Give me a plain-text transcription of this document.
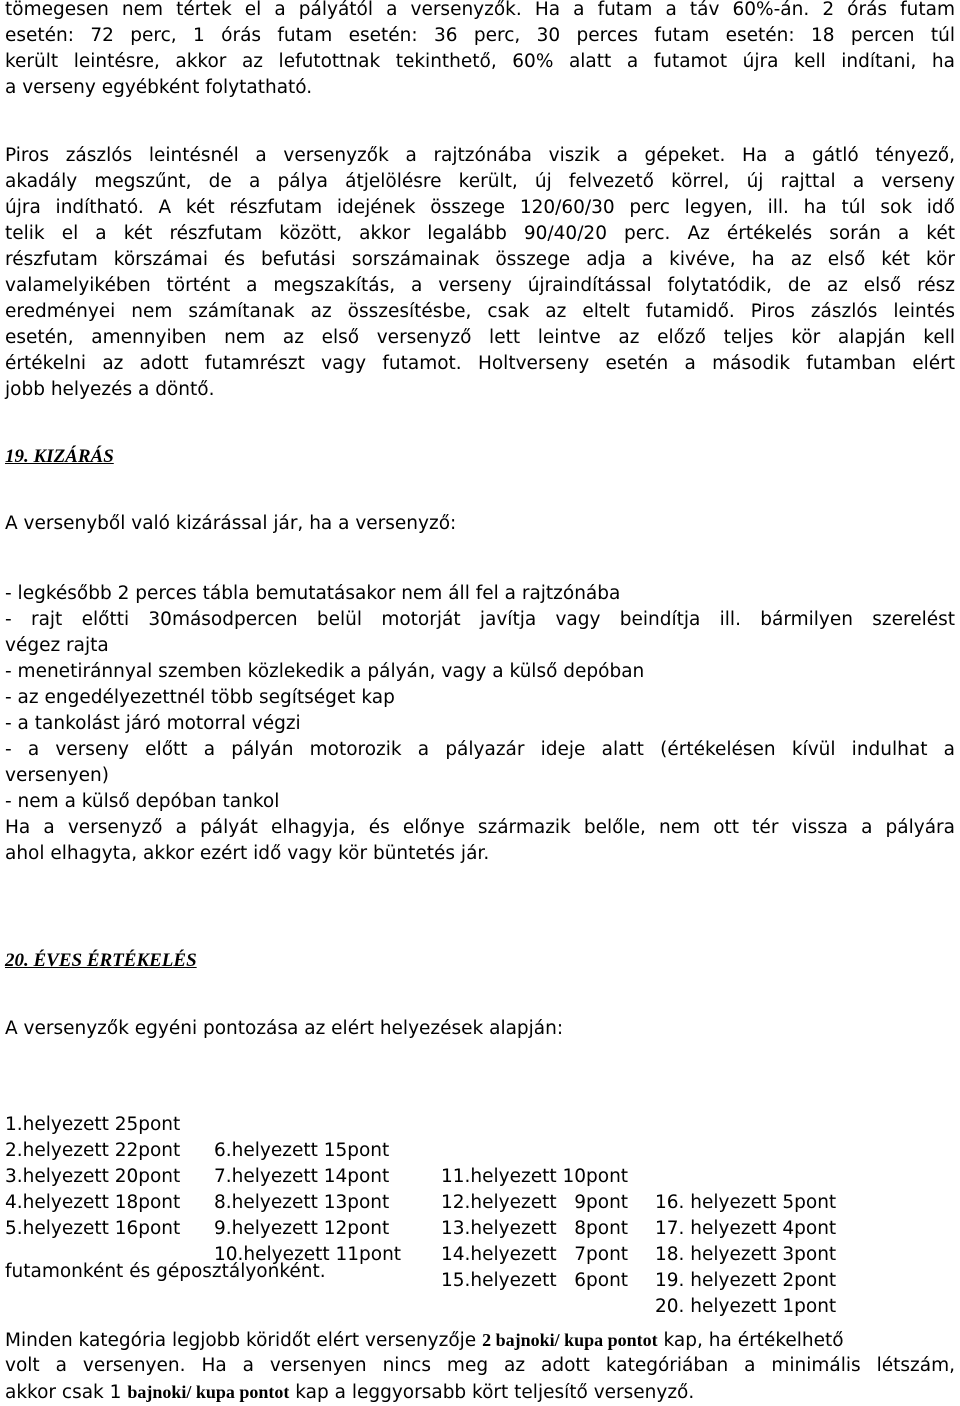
tömegesen nem tértek el a pályától a versenyzők. Ha a futam a táv 60%-án. 2 órás futam
esetén: 72 perc, 1 órás futam esetén: 36 perc, 30 perces futam esetén: 18 percen túl
került leintésre, akkor az lefutottnak tekinthető, 60% alatt a futamot újra kell indítani, ha
a verseny egyébként folytatható.
Piros zászlós leintésnél a versenyzők a rajtzónába viszik a gépeket. Ha a gátló tényező,
akadály megszűnt, de a pálya átjelölésre került, új felvezető körrel, új rajttal a verseny
újra indítható. A két részfutam idejének összege 120/60/30 perc legyen, ill. ha túl sok idő
telik el a két részfutam között, akkor legalább 90/40/20 perc. Az értékelés során a két
részfutam körszámai és befutási sorszámainak összege adja a kivéve, ha az első két kör
valamelyikében történt a megszakítás, a verseny újraindítással folytatódik, de az első rész
eredményei nem számítanak az összesítésbe, csak az eltelt futamidő. Piros zászlós leintés
esetén, amennyiben nem az első versenyző lett leintve az előző teljes kör alapján kell
értékelni az adott futamrészt vagy futamot. Holtverseny esetén a második futamban elért
jobb helyezés a döntő.
19. KIZÁRÁS
A versenyből való kizárással jár, ha a versenyző:
- legkésőbb 2 perces tábla bemutatásakor nem áll fel a rajtzónába
- rajt előtti 30másodpercen belül motorját javítja vagy beindítja ill. bármilyen szerelést
végez rajta
- menetiránnyal szemben közlekedik a pályán, vagy a külső depóban
- az engedélyezettnél több segítséget kap
- a tankolást járó motorral végzi
- a verseny előtt a pályán motorozik a pályazár ideje alatt (értékelésen kívül indulhat a
versenyen)
- nem a külső depóban tankol
Ha a versenyző a pályát elhagyja, és előnye származik belőle, nem ott tér vissza a pályára
ahol elhagyta, akkor ezért idő vagy kör büntetés jár.
20. ÉVES ÉRTÉKELÉS
A versenyzők egyéni pontozása az elért helyezések alapján:

1.helyezett 25pont

6.helyezett 15pont

11.helyezett 10pont

16. helyezett 5pont

2.helyezett 22pont

7.helyezett 14pont

12.helyezett   9pont

17. helyezett 4pont

3.helyezett 20pont

8.helyezett 13pont

13.helyezett   8pont

18. helyezett 3pont

4.helyezett 18pont

9.helyezett 12pont

14.helyezett   7pont

19. helyezett 2pont

5.helyezett 16pont

10.helyezett 11pont

15.helyezett   6pont

20. helyezett 1pont

futamonként és géposztályonként.
Minden kategória legjobb köridőt elért versenyzője 2 bajnoki/ kupa pontot kap, ha értékelhető
volt a versenyen. Ha a versenyen nincs meg az adott kategóriában a minimális létszám,
akkor csak 1 bajnoki/ kupa pontot kap a leggyorsabb kört teljesítő versenyző.
